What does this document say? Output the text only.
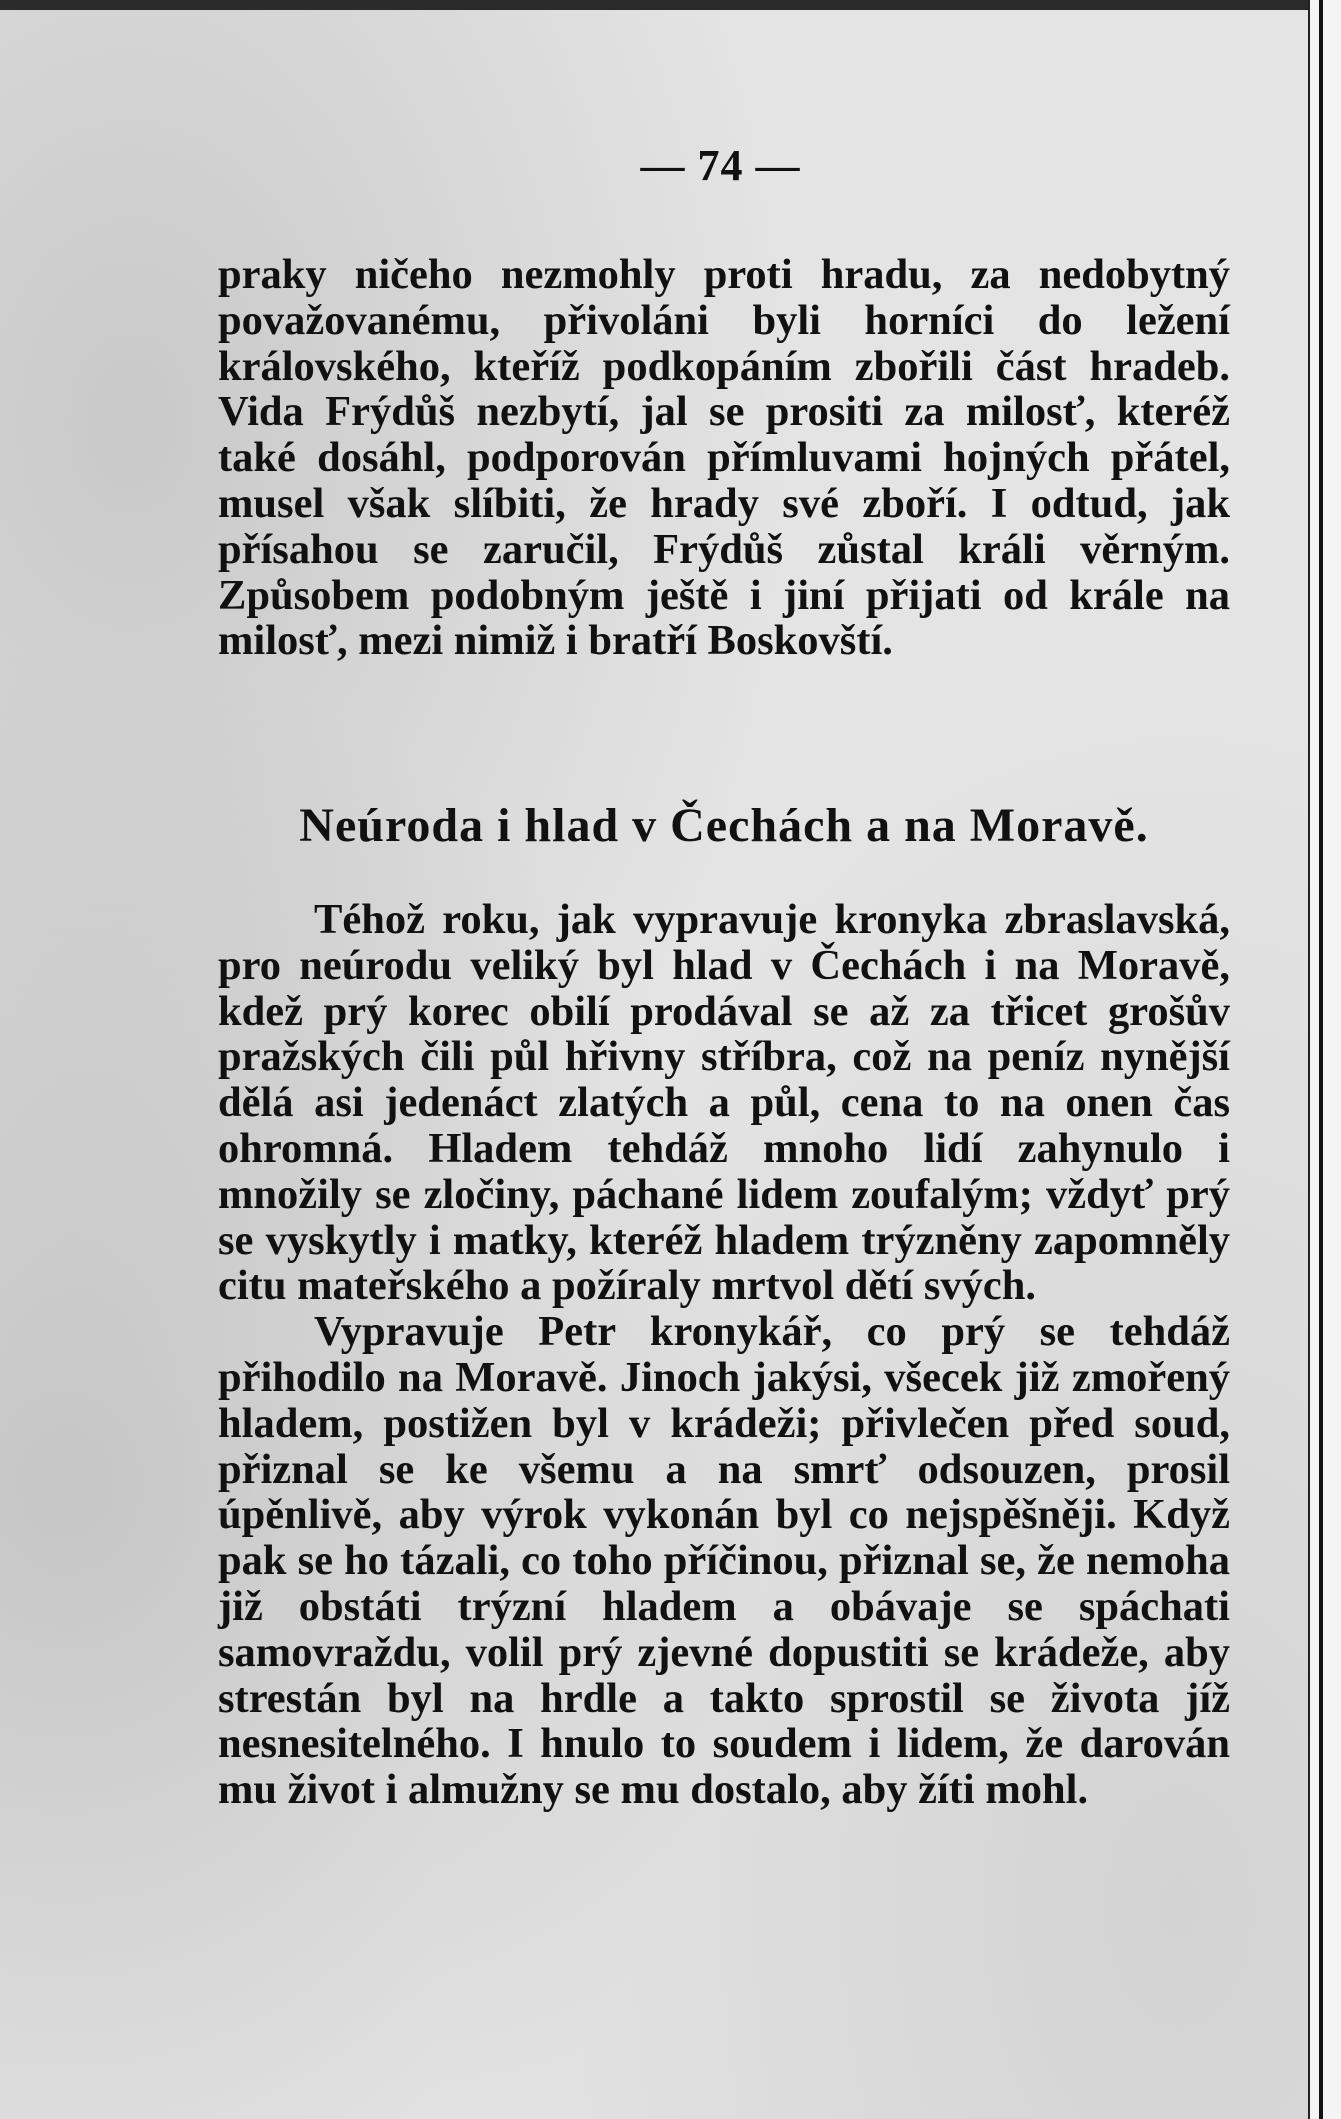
— 74 —

praky ničeho nezmohly proti hradu, za nedobytný považovanému, přivoláni byli horníci do ležení královského, kteříž podkopáním zbořili část hradeb. Vida Frýdůš nezbytí, jal se prositi za milosť, kteréž také dosáhl, podporován přímluvami hojných přátel, musel však slíbiti, že hrady své zboří. I odtud, jak přísahou se zaručil, Frýdůš zůstal králi věrným. Způsobem podobným ještě i jiní přijati od krále na milosť, mezi nimiž i bratří Boskovští.

Neúroda i hlad v Čechách a na Moravě.

Téhož roku, jak vypravuje kronyka zbraslavská, pro neúrodu veliký byl hlad v Čechách i na Moravě, kdež prý korec obilí prodával se až za třicet grošův pražských čili půl hřivny stříbra, což na peníz nynější dělá asi jedenáct zlatých a půl, cena to na onen čas ohromná. Hladem tehdáž mnoho lidí zahynulo i množily se zločiny, páchané lidem zoufalým; vždyť prý se vyskytly i matky, kteréž hladem trýzněny zapomněly citu mateřského a požíraly mrtvol dětí svých.

Vypravuje Petr kronykář, co prý se tehdáž přihodilo na Moravě. Jinoch jakýsi, všecek již zmořený hladem, postižen byl v krádeži; přivlečen před soud, přiznal se ke všemu a na smrť odsouzen, prosil úpěnlivě, aby výrok vykonán byl co nejspěšněji. Když pak se ho tázali, co toho příčinou, přiznal se, že nemoha již obstáti trýzní hladem a obávaje se spáchati samovraždu, volil prý zjevné dopustiti se krádeže, aby strestán byl na hrdle a takto sprostil se života jíž nesnesitelného. I hnulo to soudem i lidem, že darován mu život i almužny se mu dostalo, aby žíti mohl.
